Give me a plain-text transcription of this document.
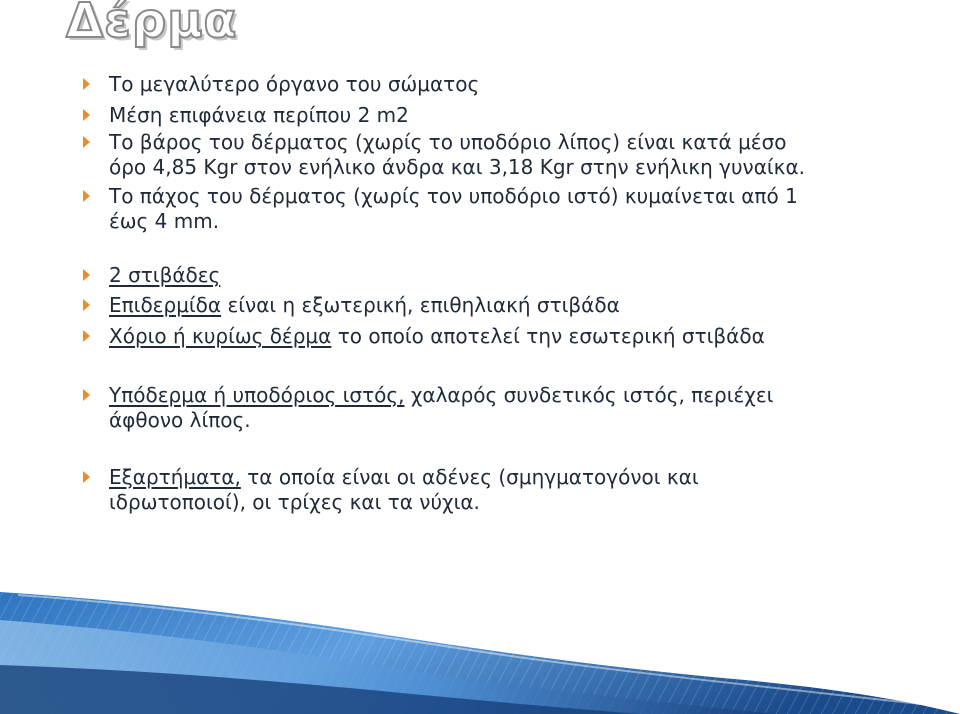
Δέρμα
Το μεγαλύτερο όργανο του σώματος
Μέση επιφάνεια περίπου 2 m2
Το βάρος του δέρματος (χωρίς το υποδόριο λίπος) είναι κατά μέσο
όρο 4,85 Kgr στον ενήλικο άνδρα και 3,18 Kgr στην ενήλικη γυναίκα.
Το πάχος του δέρματος (χωρίς τον υποδόριο ιστό) κυμαίνεται από 1
έως 4 mm.
2 στιβάδες
Επιδερμίδα είναι η εξωτερική, επιθηλιακή στιβάδα
Χόριο ή κυρίως δέρμα το οποίο αποτελεί την εσωτερική στιβάδα
Υπόδερμα ή υποδόριος ιστός, χαλαρός συνδετικός ιστός, περιέχει
άφθονο λίπος.
Εξαρτήματα, τα οποία είναι οι αδένες (σμηγματογόνοι και
ιδρωτοποιοί), οι τρίχες και τα νύχια.
